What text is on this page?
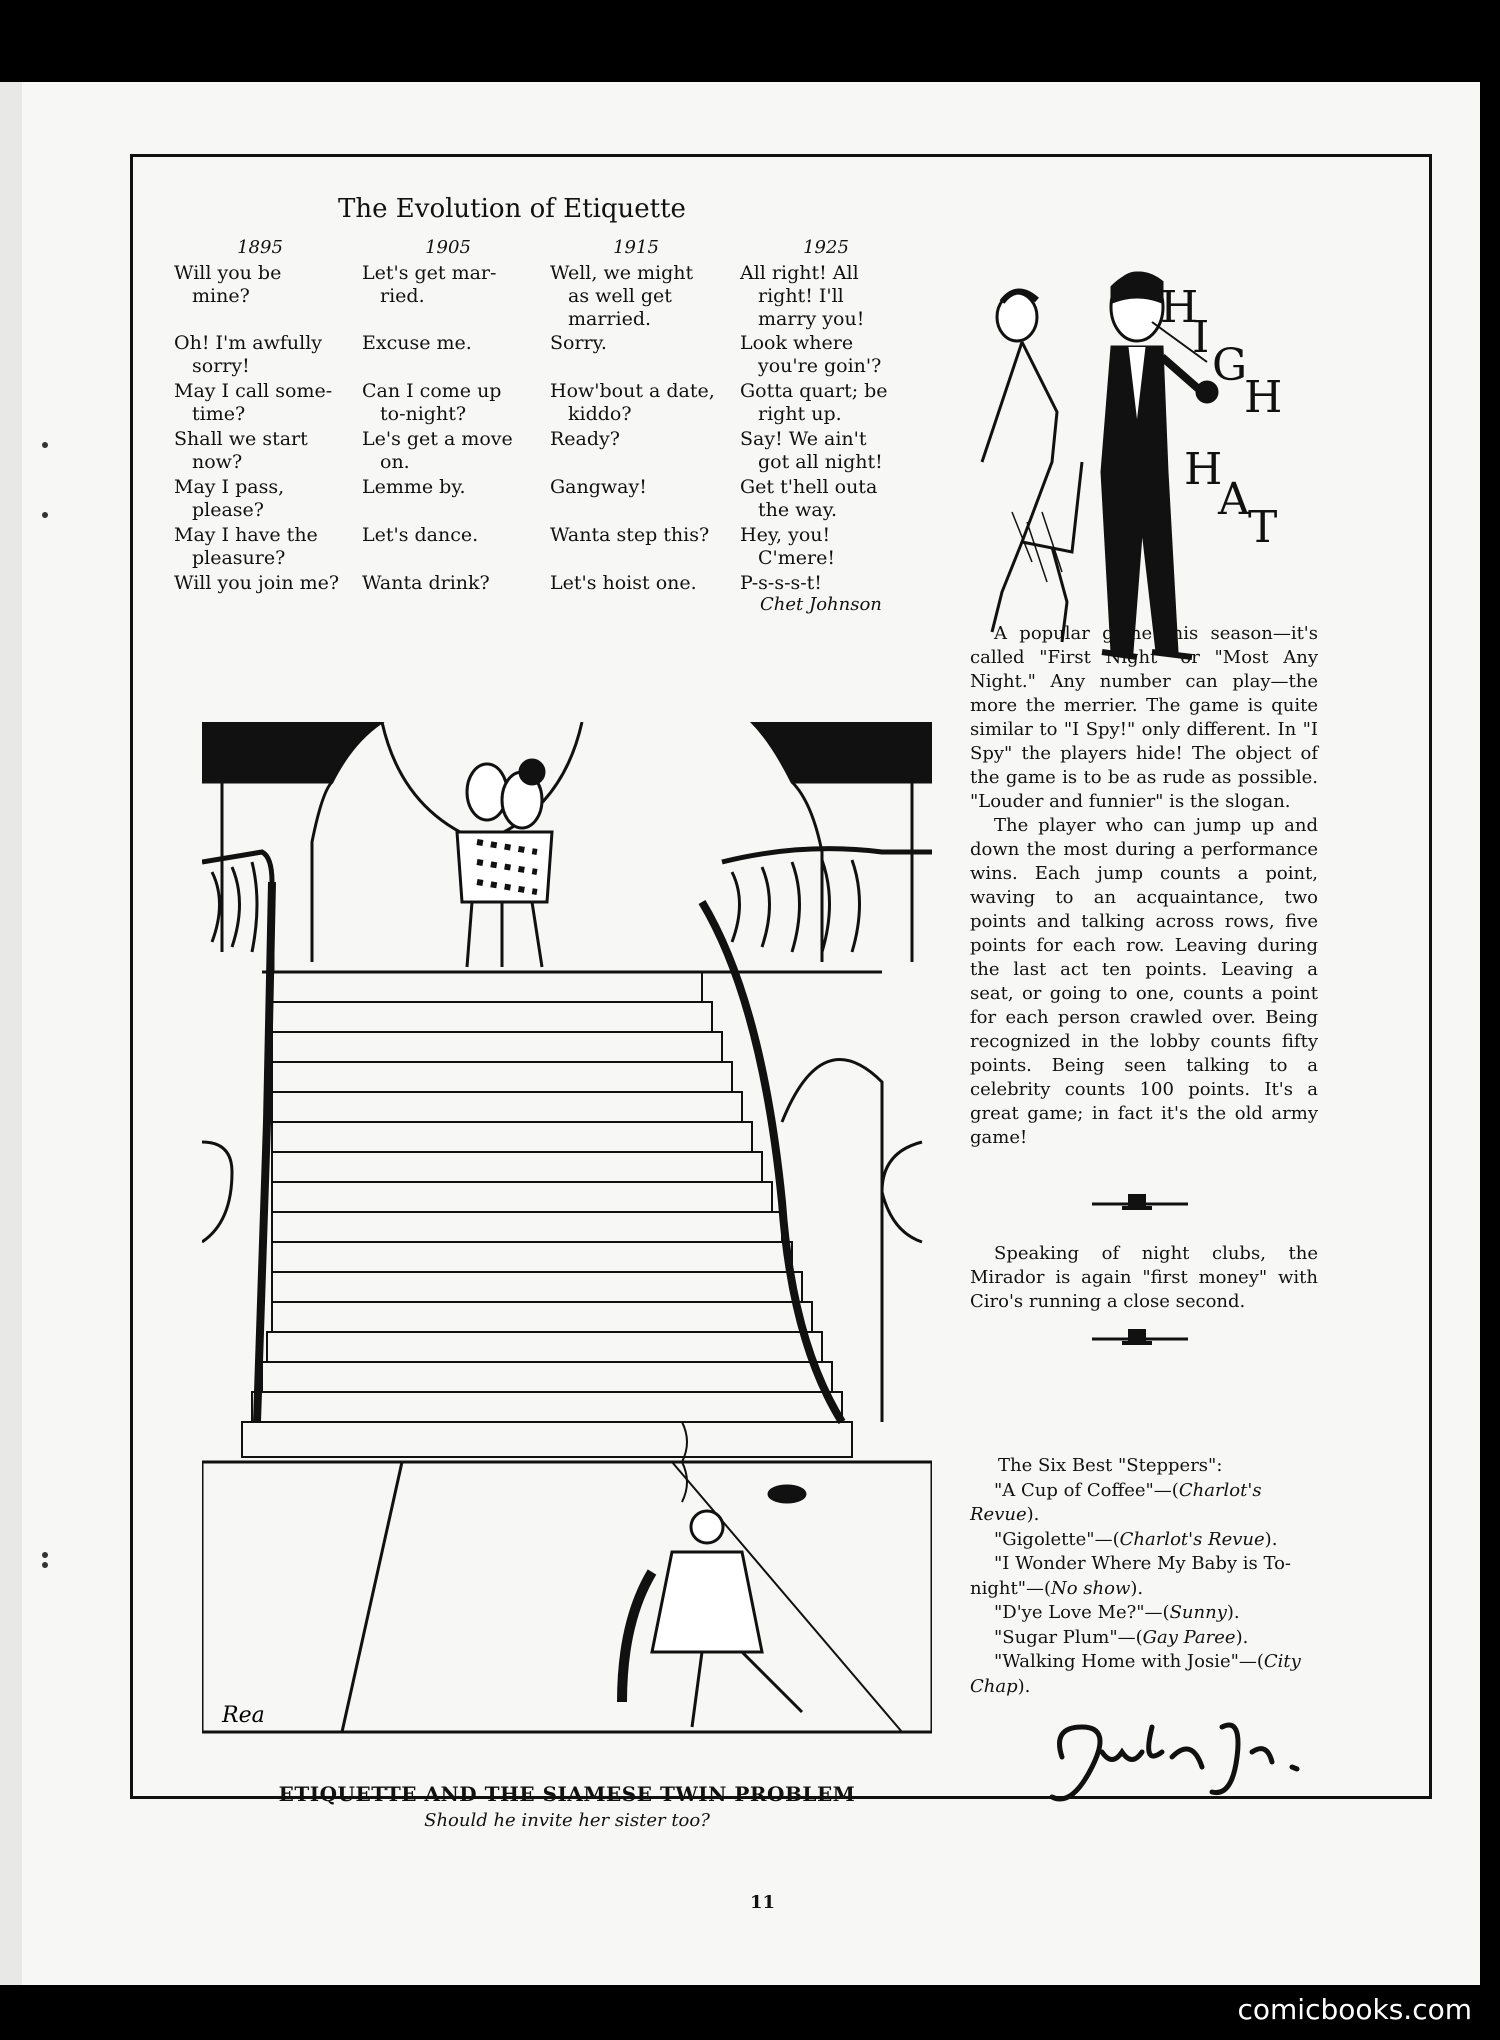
The Evolution of Etiquette
1895
Will you be
mine?
Oh! I'm awfully
sorry!
May I call some-
time?
Shall we start
now?
May I pass,
please?
May I have the
pleasure?
Will you join me?
1905
Let's get mar-
ried.
Excuse me.
Can I come up
to-night?
Le's get a move
on.
Lemme by.
Let's dance.
Wanta drink?
1915
Well, we might
as well get
married.
Sorry.
How'bout a date,
kiddo?
Ready?
Gangway!
Wanta step this?
Let's hoist one.
1925
All right! All
right! I'll
marry you!
Look where
you're goin'?
Gotta quart; be
right up.
Say! We ain't
got all night!
Get t'hell outa
the way.
Hey, you!
C'mere!
P-s-s-s-t!
Chet Johnson
H
I
G
H
H
A
T

A popular game this season—it's called "First Night" or "Most Any Night." Any number can play—the more the merrier. The game is quite similar to "I Spy!" only different. In "I Spy" the players hide! The object of the game is to be as rude as possible. "Louder and funnier" is the slogan.

The player who can jump up and down the most during a performance wins. Each jump counts a point, waving to an acquaintance, two points and talking across rows, five points for each row. Leaving during the last act ten points. Leaving a seat, or going to one, counts a point for each person crawled over. Being recognized in the lobby counts fifty points. Being seen talking to a celebrity counts 100 points. It's a great game; in fact it's the old army game!

Speaking of night clubs, the Mirador is again "first money" with Ciro's running a close second.

The Six Best "Steppers":
"A Cup of Coffee"—(Charlot's Revue).
"Gigolette"—(Charlot's Revue).
"I Wonder Where My Baby is To-night"—(No show).
"D'ye Love Me?"—(Sunny).
"Sugar Plum"—(Gay Paree).
"Walking Home with Josie"—(City Chap).
Rea
ETIQUETTE AND THE SIAMESE TWIN PROBLEM
Should he invite her sister too?
11
comicbooks.com
